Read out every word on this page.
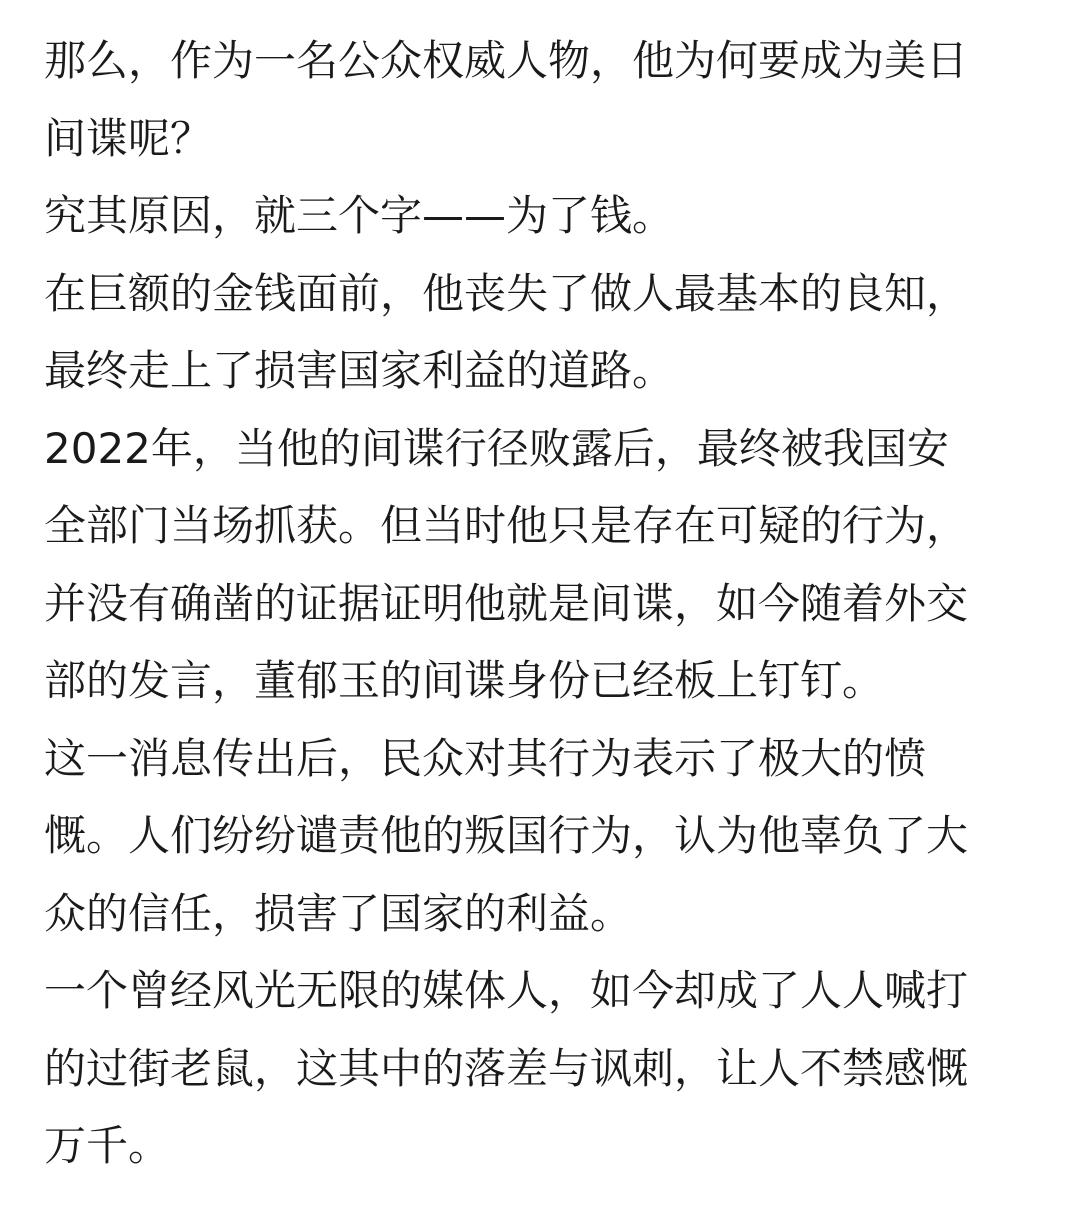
那么，作为一名公众权威人物，他为何要成为美日
间谍呢？
究其原因，就三个字——为了钱。
在巨额的金钱面前，他丧失了做人最基本的良知，
最终走上了损害国家利益的道路。
2022年，当他的间谍行径败露后，最终被我国安
全部门当场抓获。但当时他只是存在可疑的行为，
并没有确凿的证据证明他就是间谍，如今随着外交
部的发言，董郁玉的间谍身份已经板上钉钉。
这一消息传出后，民众对其行为表示了极大的愤
慨。人们纷纷谴责他的叛国行为，认为他辜负了大
众的信任，损害了国家的利益。
一个曾经风光无限的媒体人，如今却成了人人喊打
的过街老鼠，这其中的落差与讽刺，让人不禁感慨
万千。
